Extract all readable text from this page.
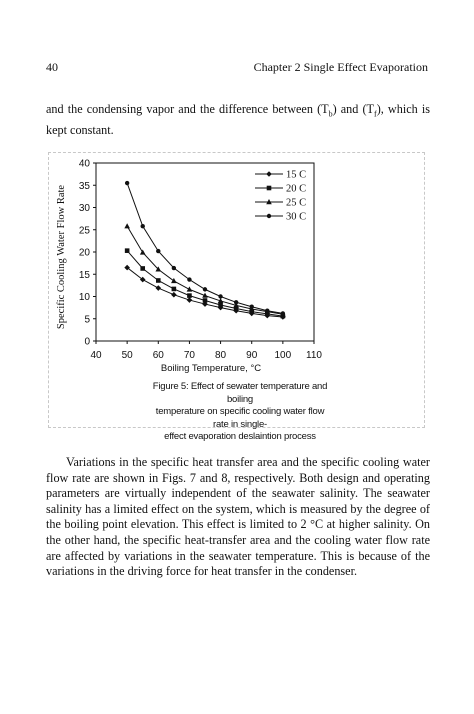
40	Chapter 2 Single Effect Evaporation

and the condensing vapor and the difference between $(T_b)$ and $(T_f)$, which is kept constant.

0
5
10
15
20
25
30
35
40
40 50 60 70 80 90 100 110
Boiling Temperature, °C
Specific Cooling Water Flow Rate
15 C
20 C
25 C
30 C
Figure 5: Effect of sewater temperature and boiling
temperature on specific cooling water flow rate in single-
effect evaporation deslaintion process

Variations in the specific heat transfer area and the specific cooling water flow rate are shown in Figs. 7 and 8, respectively. Both design and operating parameters are virtually independent of the seawater salinity. The seawater salinity has a limited effect on the system, which is measured by the degree of the boiling point elevation. This effect is limited to 2 °C at higher salinity. On the other hand, the specific heat-transfer area and the cooling water flow rate are affected by variations in the seawater temperature. This is because of the variations in the driving force for heat transfer in the condenser.
